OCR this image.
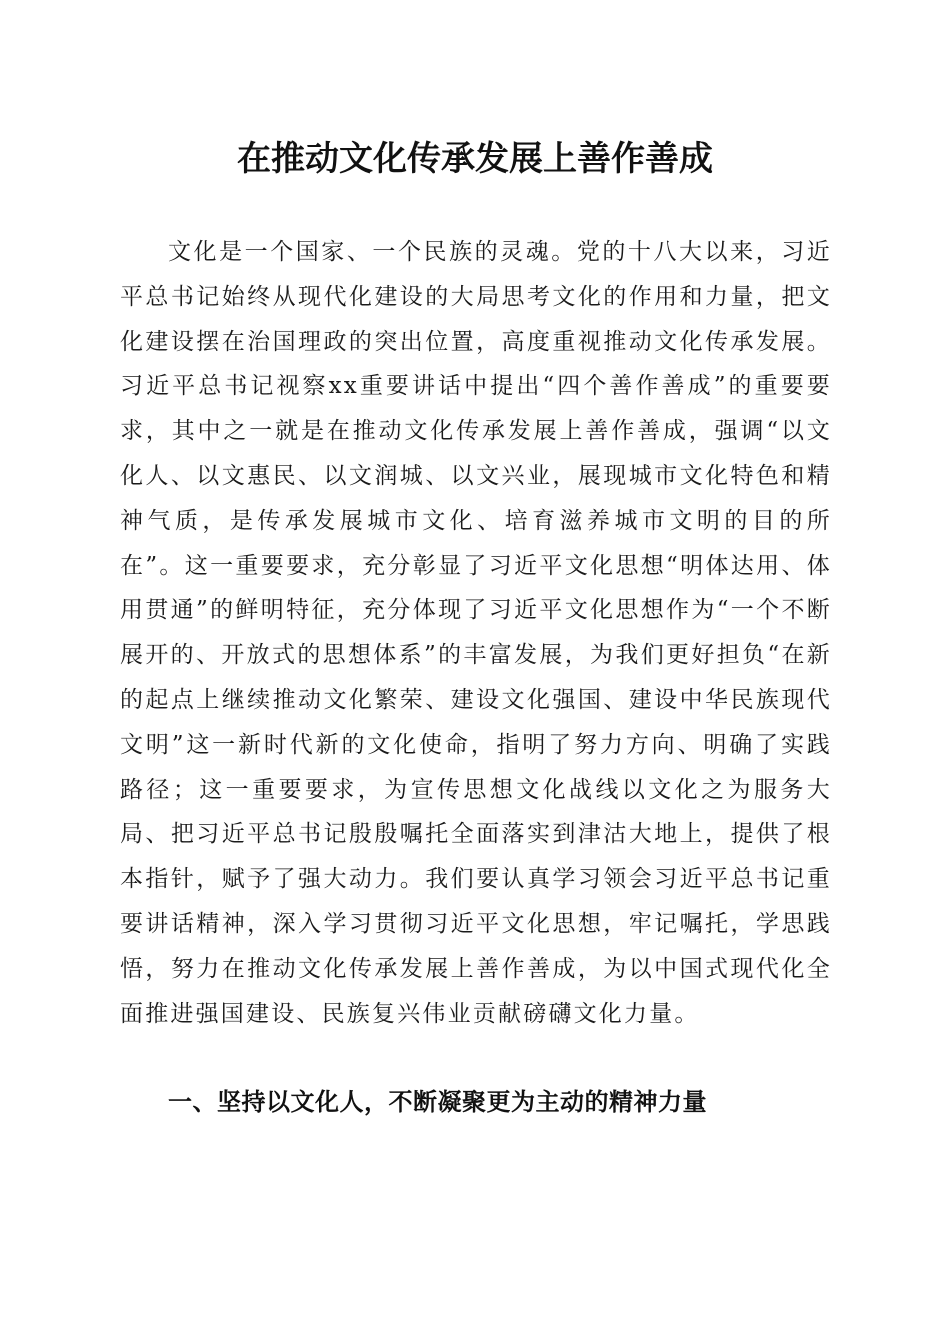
在推动文化传承发展上善作善成

文化是一个国家、一个民族的灵魂。党的十八大以来，习近平总书记始终从现代化建设的大局思考文化的作用和力量，把文化建设摆在治国理政的突出位置，高度重视推动文化传承发展。习近平总书记视察xx重要讲话中提出“四个善作善成”的重要要求，其中之一就是在推动文化传承发展上善作善成，强调“以文化人、以文惠民、以文润城、以文兴业，展现城市文化特色和精神气质，是传承发展城市文化、培育滋养城市文明的目的所在”。这一重要要求，充分彰显了习近平文化思想“明体达用、体用贯通”的鲜明特征，充分体现了习近平文化思想作为“一个不断展开的、开放式的思想体系”的丰富发展，为我们更好担负“在新的起点上继续推动文化繁荣、建设文化强国、建设中华民族现代文明”这一新时代新的文化使命，指明了努力方向、明确了实践路径；这一重要要求，为宣传思想文化战线以文化之为服务大局、把习近平总书记殷殷嘱托全面落实到津沽大地上，提供了根本指针，赋予了强大动力。我们要认真学习领会习近平总书记重要讲话精神，深入学习贯彻习近平文化思想，牢记嘱托，学思践悟，努力在推动文化传承发展上善作善成，为以中国式现代化全面推进强国建设、民族复兴伟业贡献磅礴文化力量。

一、坚持以文化人，不断凝聚更为主动的精神力量
